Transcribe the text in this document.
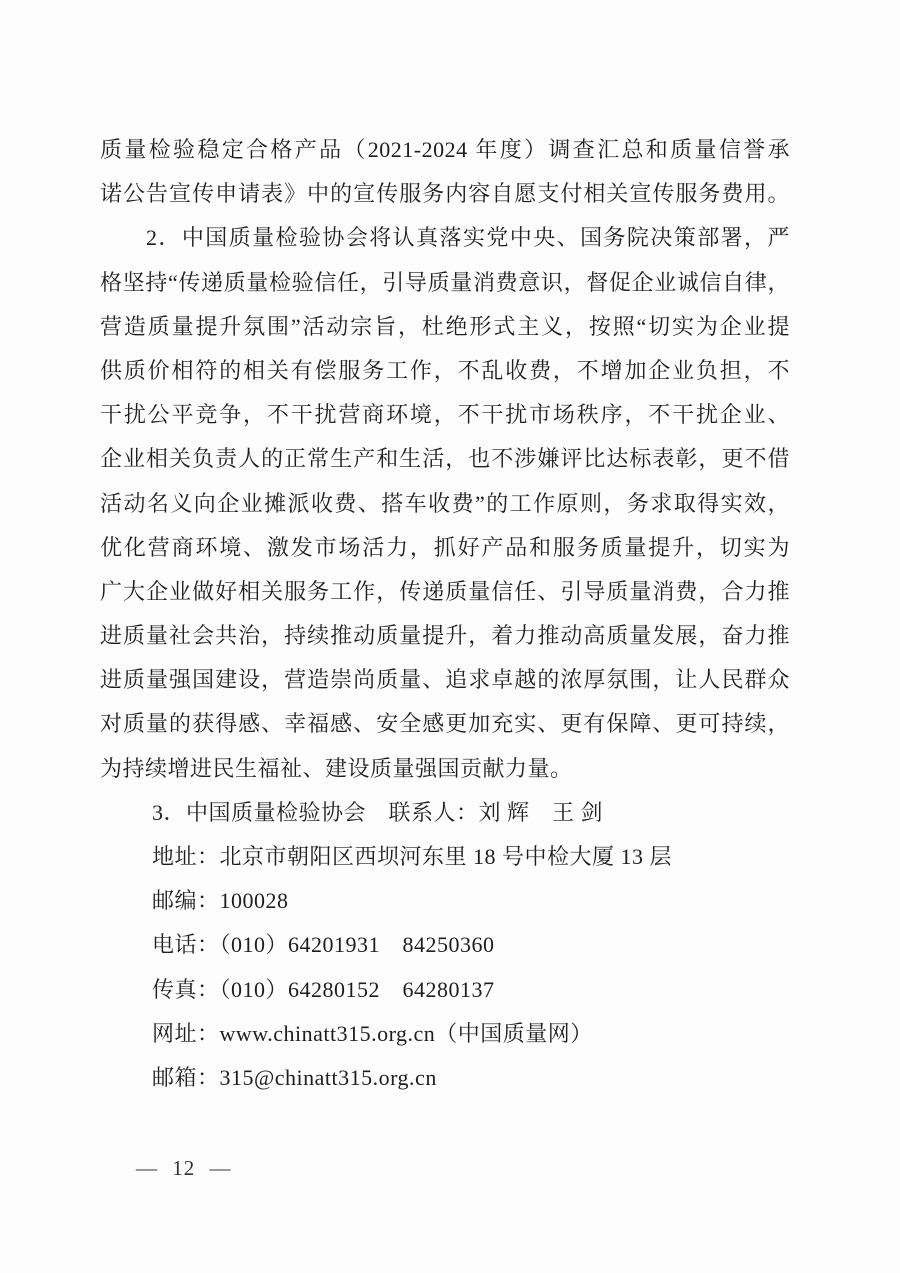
质量检验稳定合格产品（2021-2024 年度）调查汇总和质量信誉承
诺公告宣传申请表》中的宣传服务内容自愿支付相关宣传服务费用。
2．中国质量检验协会将认真落实党中央、国务院决策部署，严
格坚持“传递质量检验信任，引导质量消费意识，督促企业诚信自律，
营造质量提升氛围”活动宗旨，杜绝形式主义，按照“切实为企业提
供质价相符的相关有偿服务工作，不乱收费，不增加企业负担，不
干扰公平竞争，不干扰营商环境，不干扰市场秩序，不干扰企业、
企业相关负责人的正常生产和生活，也不涉嫌评比达标表彰，更不借
活动名义向企业摊派收费、搭车收费”的工作原则，务求取得实效，
优化营商环境、激发市场活力，抓好产品和服务质量提升，切实为
广大企业做好相关服务工作，传递质量信任、引导质量消费，合力推
进质量社会共治，持续推动质量提升，着力推动高质量发展，奋力推
进质量强国建设，营造崇尚质量、追求卓越的浓厚氛围，让人民群众
对质量的获得感、幸福感、安全感更加充实、更有保障、更可持续，
为持续增进民生福祉、建设质量强国贡献力量。
3．中国质量检验协会　联系人：刘 辉　王 剑
地址：北京市朝阳区西坝河东里 18 号中检大厦 13 层
邮编：100028
电话：（010）64201931　84250360
传真：（010）64280152　64280137
网址：www.chinatt315.org.cn（中国质量网）
邮箱：315@chinatt315.org.cn
— 12 —
